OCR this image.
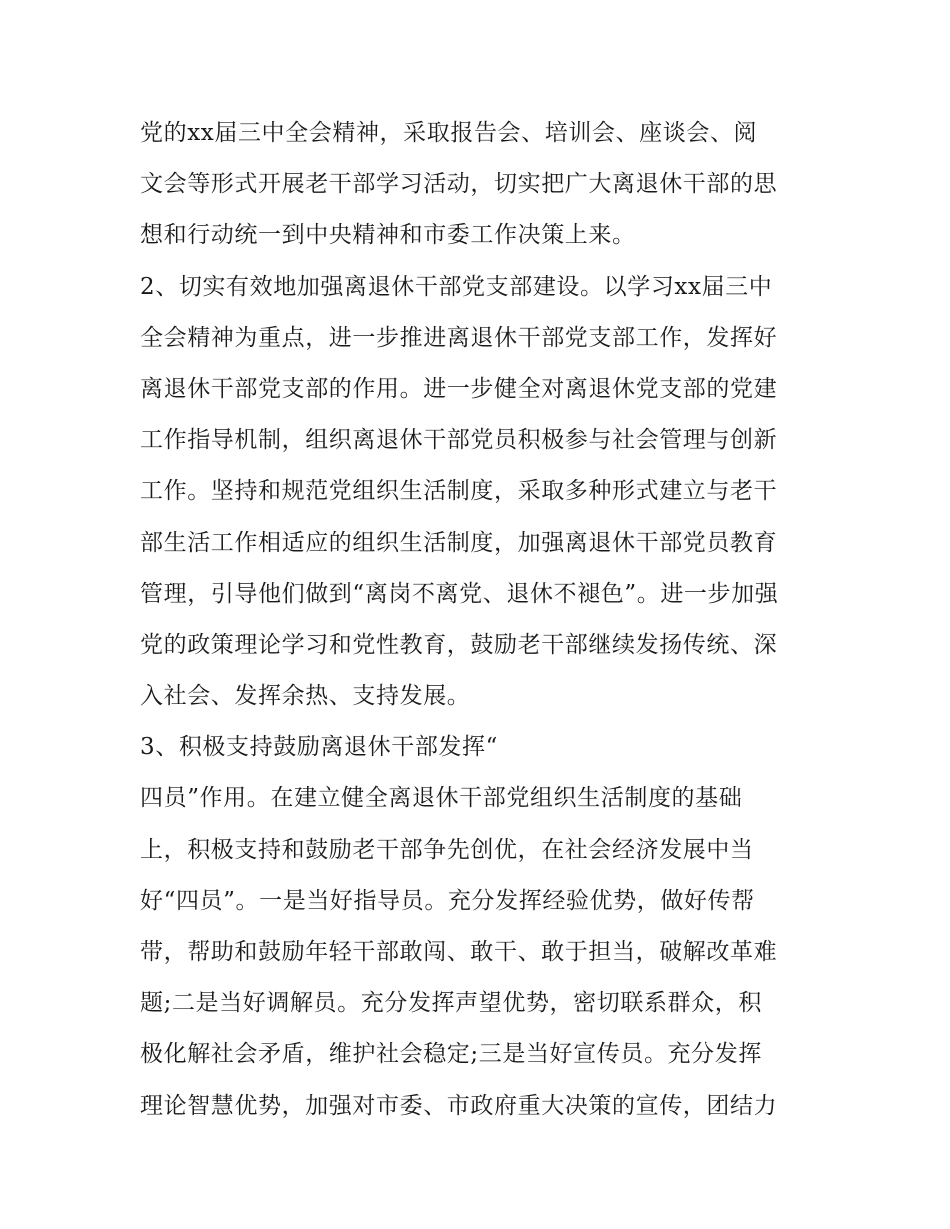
党的xx届三中全会精神，采取报告会、培训会、座谈会、阅
文会等形式开展老干部学习活动，切实把广大离退休干部的思
想和行动统一到中央精神和市委工作决策上来。
2、切实有效地加强离退休干部党支部建设。以学习xx届三中
全会精神为重点，进一步推进离退休干部党支部工作，发挥好
离退休干部党支部的作用。进一步健全对离退休党支部的党建
工作指导机制，组织离退休干部党员积极参与社会管理与创新
工作。坚持和规范党组织生活制度，采取多种形式建立与老干
部生活工作相适应的组织生活制度，加强离退休干部党员教育
管理，引导他们做到“离岗不离党、退休不褪色”。进一步加强
党的政策理论学习和党性教育，鼓励老干部继续发扬传统、深
入社会、发挥余热、支持发展。
3、积极支持鼓励离退休干部发挥“
四员”作用。在建立健全离退休干部党组织生活制度的基础
上，积极支持和鼓励老干部争先创优，在社会经济发展中当
好“四员”。一是当好指导员。充分发挥经验优势，做好传帮
带，帮助和鼓励年轻干部敢闯、敢干、敢于担当，破解改革难
题;二是当好调解员。充分发挥声望优势，密切联系群众，积
极化解社会矛盾，维护社会稳定;三是当好宣传员。充分发挥
理论智慧优势，加强对市委、市政府重大决策的宣传，团结力
